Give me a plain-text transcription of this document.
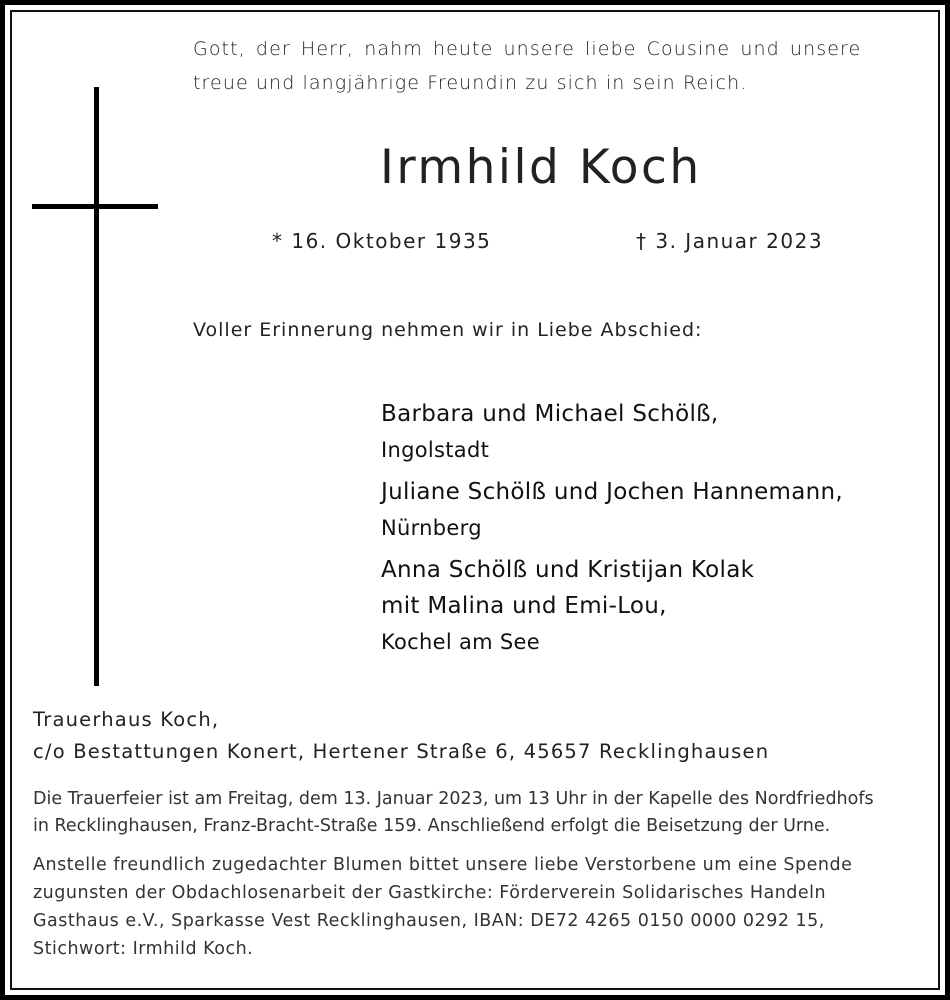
Gott, der Herr, nahm heute unsere liebe Cousine und unsere
treue und langjährige Freundin zu sich in sein Reich.
Irmhild Koch
* 16. Oktober 1935	† 3. Januar 2023
Voller Erinnerung nehmen wir in Liebe Abschied:
Barbara und Michael Schölß,
Ingolstadt
Juliane Schölß und Jochen Hannemann,
Nürnberg
Anna Schölß und Kristijan Kolak
mit Malina und Emi-Lou,
Kochel am See
Trauerhaus Koch,
c/o Bestattungen Konert, Hertener Straße 6, 45657 Recklinghausen
Die Trauerfeier ist am Freitag, dem 13. Januar 2023, um 13 Uhr in der Kapelle des Nordfriedhofs
in Recklinghausen, Franz-Bracht-Straße 159. Anschließend erfolgt die Beisetzung der Urne.
Anstelle freundlich zugedachter Blumen bittet unsere liebe Verstorbene um eine Spende
zugunsten der Obdachlosenarbeit der Gastkirche: Förderverein Solidarisches Handeln
Gasthaus e.V., Sparkasse Vest Recklinghausen, IBAN: DE72 4265 0150 0000 0292 15,
Stichwort: Irmhild Koch.
